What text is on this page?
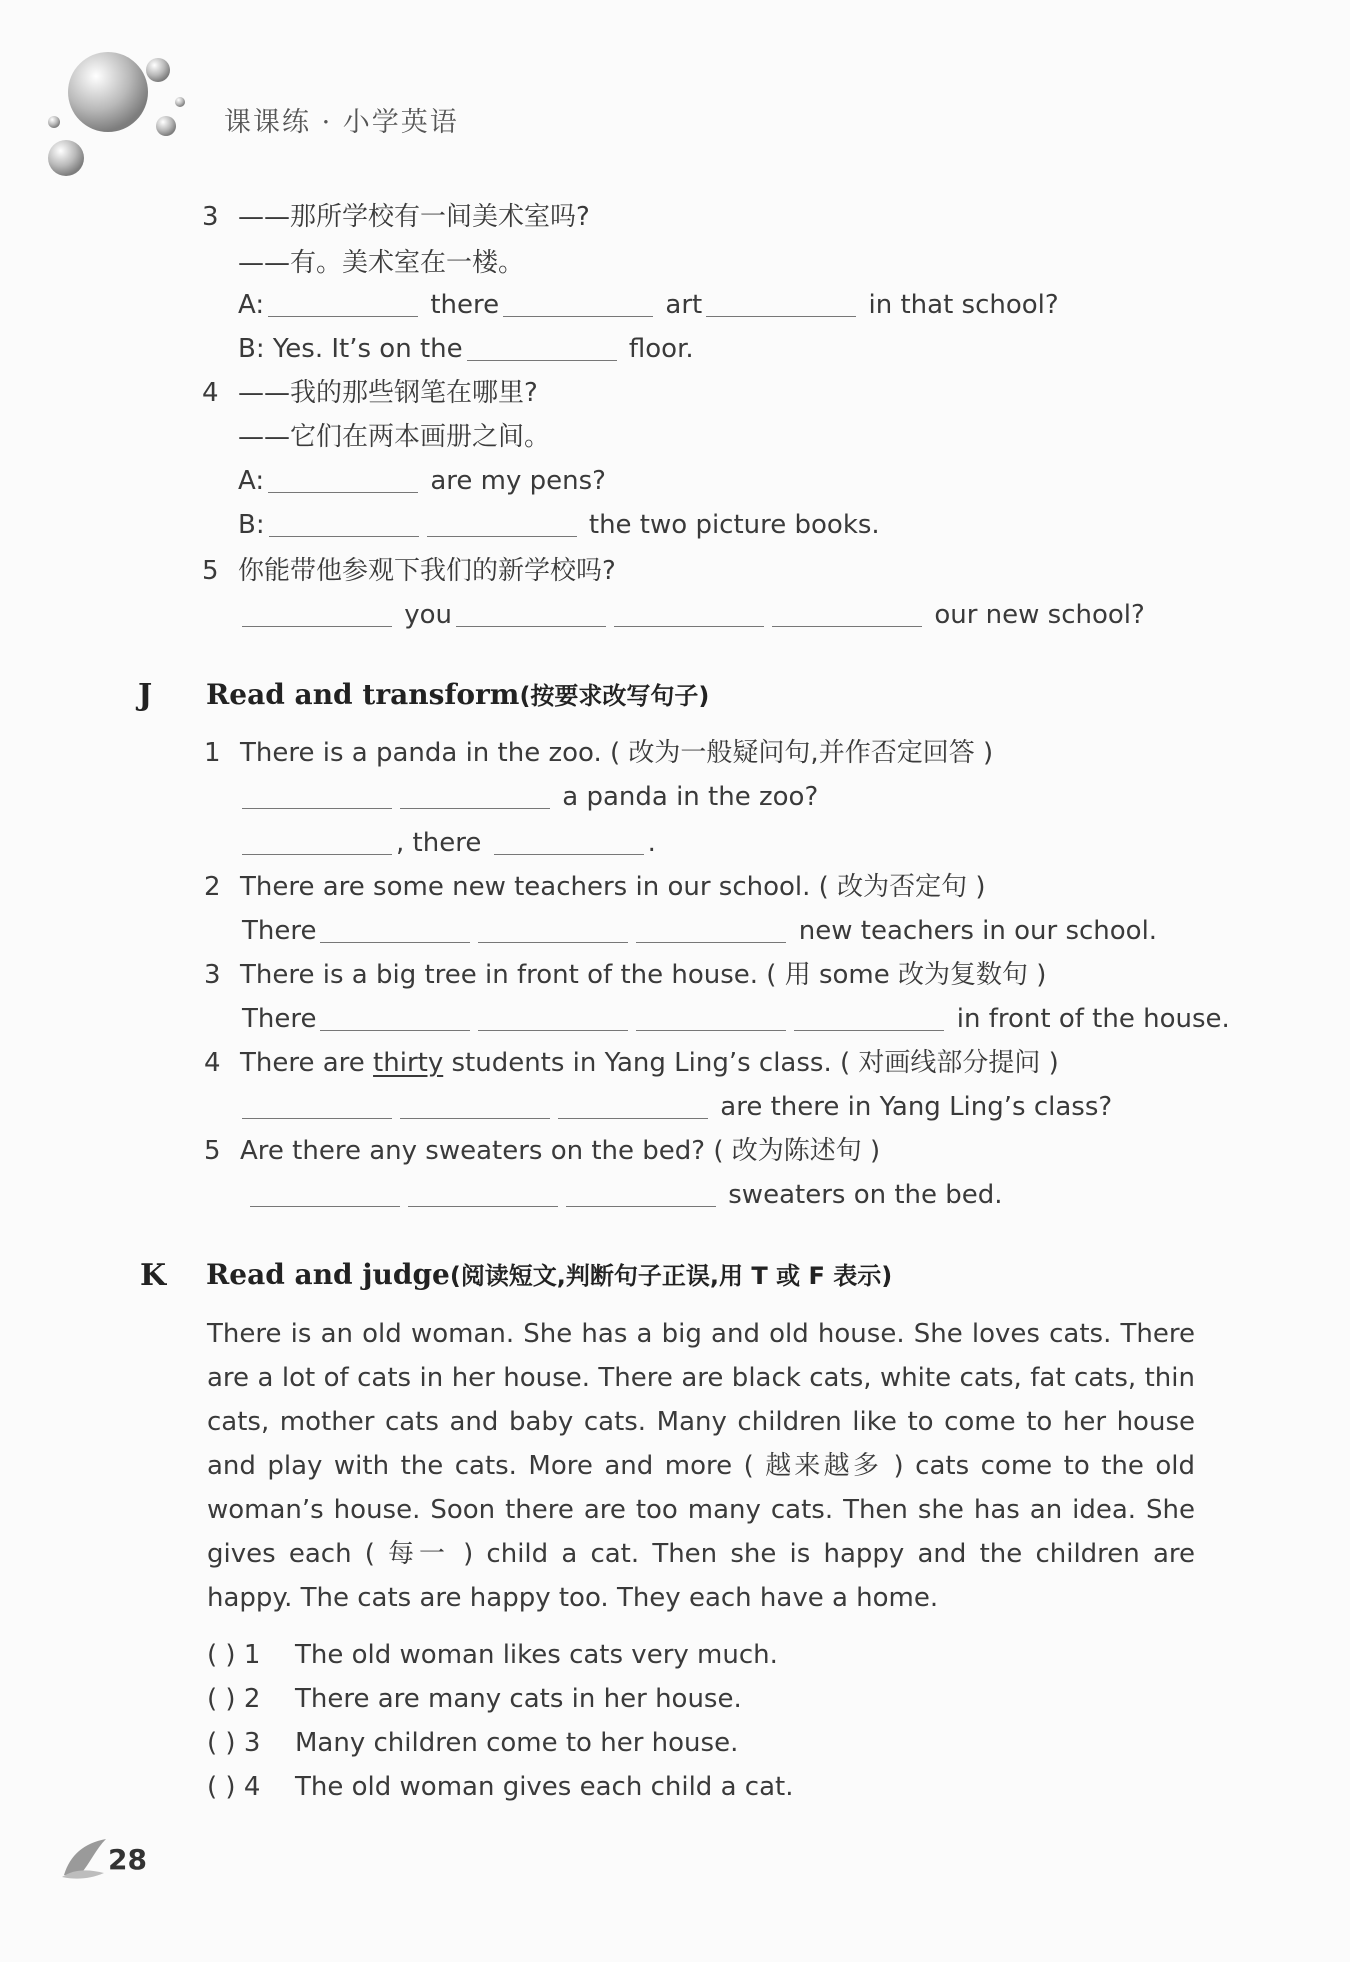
课课练 · 小学英语
3 ——那所学校有一间美术室吗?
——有。美术室在一楼。
A:	there	art	in that school?
B: Yes. It’s on the	floor.
4 ——我的那些钢笔在哪里?
——它们在两本画册之间。
A:	are my pens?
B:	the two picture books.
5 你能带他参观下我们的新学校吗?
you	our new school?
J Read and transform(按要求改写句子)
1 There is a panda in the zoo. ( 改为一般疑问句,并作否定回答 )
a panda in the zoo?
, there	.
2 There are some new teachers in our school. ( 改为否定句 )
There	new teachers in our school.
3 There is a big tree in front of the house. ( 用 some 改为复数句 )
There	in front of the house.
4 There are thirty students in Yang Ling’s class. ( 对画线部分提问 )
are there in Yang Ling’s class?
5 Are there any sweaters on the bed? ( 改为陈述句 )
sweaters on the bed.
K Read and judge(阅读短文,判断句子正误,用 T 或 F 表示)
There is an old woman. She has a big and old house. She loves cats. There are a lot of cats in her house. There are black cats, white cats, fat cats, thin cats, mother cats and baby cats. Many children like to come to her house and play with the cats. More and more ( 越来越多 ) cats come to the old woman’s house. Soon there are too many cats. Then she has an idea. She gives each ( 每一 ) child a cat. Then she is happy and the children are happy. The cats are happy too. They each have a home.
( ) 1 The old woman likes cats very much.
( ) 2 There are many cats in her house.
( ) 3 Many children come to her house.
( ) 4 The old woman gives each child a cat.
28
